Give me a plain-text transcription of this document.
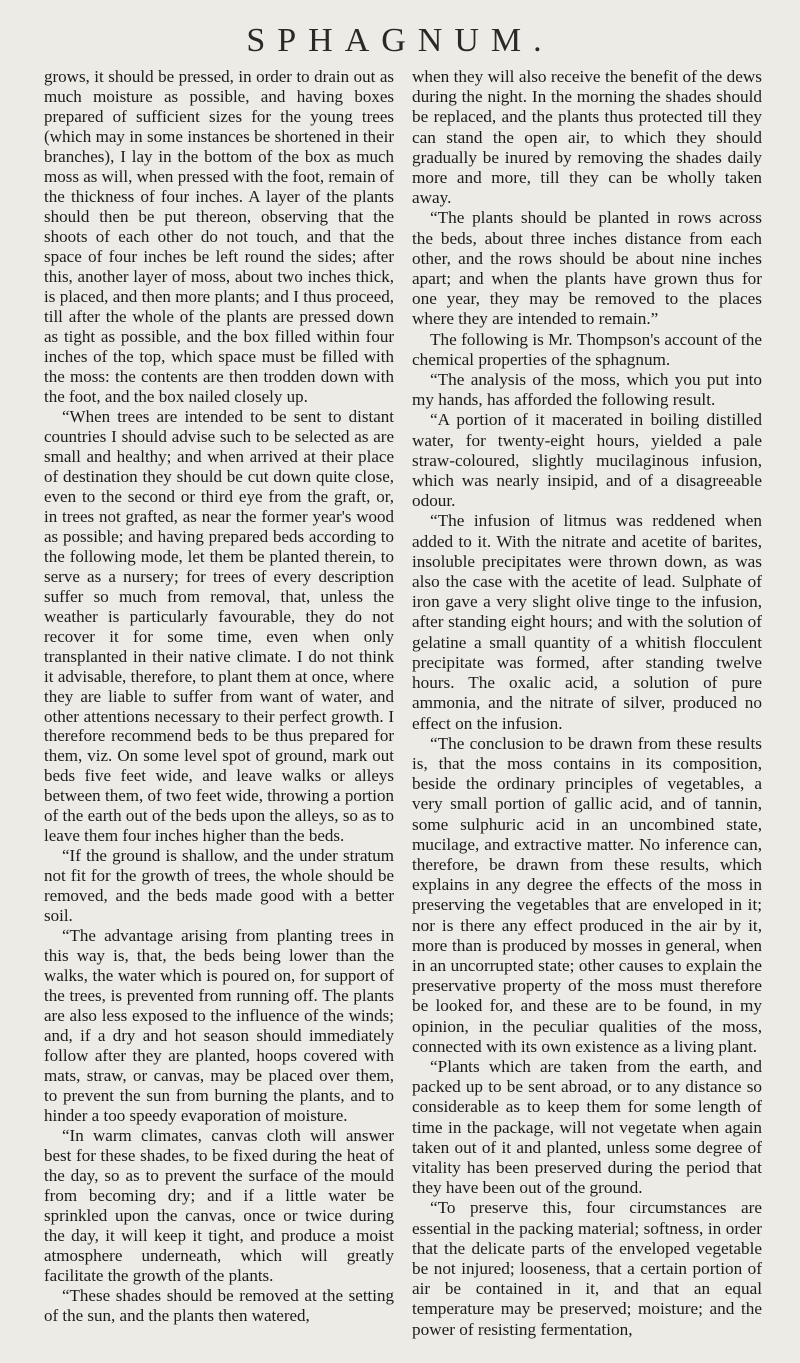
SPHAGNUM.

grows, it should be pressed, in order to drain out as much moisture as possible, and having boxes prepared of sufficient sizes for the young trees (which may in some instances be shortened in their branches), I lay in the bottom of the box as much moss as will, when pressed with the foot, remain of the thickness of four inches. A layer of the plants should then be put thereon, observing that the shoots of each other do not touch, and that the space of four inches be left round the sides; after this, another layer of moss, about two inches thick, is placed, and then more plants; and I thus proceed, till after the whole of the plants are pressed down as tight as possible, and the box filled within four inches of the top, which space must be filled with the moss: the contents are then trodden down with the foot, and the box nailed closely up.

“When trees are intended to be sent to distant countries I should advise such to be selected as are small and healthy; and when arrived at their place of destination they should be cut down quite close, even to the second or third eye from the graft, or, in trees not grafted, as near the former year's wood as possible; and having prepared beds according to the following mode, let them be planted therein, to serve as a nursery; for trees of every description suffer so much from removal, that, unless the weather is particularly favourable, they do not recover it for some time, even when only transplanted in their native climate. I do not think it advisable, therefore, to plant them at once, where they are liable to suffer from want of water, and other attentions necessary to their perfect growth. I therefore recommend beds to be thus prepared for them, viz. On some level spot of ground, mark out beds five feet wide, and leave walks or alleys between them, of two feet wide, throwing a portion of the earth out of the beds upon the alleys, so as to leave them four inches higher than the beds.

“If the ground is shallow, and the under stratum not fit for the growth of trees, the whole should be removed, and the beds made good with a better soil.

“The advantage arising from planting trees in this way is, that, the beds being lower than the walks, the water which is poured on, for support of the trees, is prevented from running off. The plants are also less exposed to the influence of the winds; and, if a dry and hot season should immediately follow after they are planted, hoops covered with mats, straw, or canvas, may be placed over them, to prevent the sun from burning the plants, and to hinder a too speedy evaporation of moisture.

“In warm climates, canvas cloth will answer best for these shades, to be fixed during the heat of the day, so as to prevent the surface of the mould from becoming dry; and if a little water be sprinkled upon the canvas, once or twice during the day, it will keep it tight, and produce a moist atmosphere underneath, which will greatly facilitate the growth of the plants.

“These shades should be removed at the setting of the sun, and the plants then watered,

when they will also receive the benefit of the dews during the night. In the morning the shades should be replaced, and the plants thus protected till they can stand the open air, to which they should gradually be inured by removing the shades daily more and more, till they can be wholly taken away.

“The plants should be planted in rows across the beds, about three inches distance from each other, and the rows should be about nine inches apart; and when the plants have grown thus for one year, they may be removed to the places where they are intended to remain.”

The following is Mr. Thompson's account of the chemical properties of the sphagnum.

“The analysis of the moss, which you put into my hands, has afforded the following result.

“A portion of it macerated in boiling distilled water, for twenty-eight hours, yielded a pale straw-coloured, slightly mucilaginous infusion, which was nearly insipid, and of a disagreeable odour.

“The infusion of litmus was reddened when added to it. With the nitrate and acetite of barites, insoluble precipitates were thrown down, as was also the case with the acetite of lead. Sulphate of iron gave a very slight olive tinge to the infusion, after standing eight hours; and with the solution of gelatine a small quantity of a whitish flocculent precipitate was formed, after standing twelve hours. The oxalic acid, a solution of pure ammonia, and the nitrate of silver, produced no effect on the infusion.

“The conclusion to be drawn from these results is, that the moss contains in its composition, beside the ordinary principles of vegetables, a very small portion of gallic acid, and of tannin, some sulphuric acid in an uncombined state, mucilage, and extractive matter. No inference can, therefore, be drawn from these results, which explains in any degree the effects of the moss in preserving the vegetables that are enveloped in it; nor is there any effect produced in the air by it, more than is produced by mosses in general, when in an uncorrupted state; other causes to explain the preservative property of the moss must therefore be looked for, and these are to be found, in my opinion, in the peculiar qualities of the moss, connected with its own existence as a living plant.

“Plants which are taken from the earth, and packed up to be sent abroad, or to any distance so considerable as to keep them for some length of time in the package, will not vegetate when again taken out of it and planted, unless some degree of vitality has been preserved during the period that they have been out of the ground.

“To preserve this, four circumstances are essential in the packing material; softness, in order that the delicate parts of the enveloped vegetable be not injured; looseness, that a certain portion of air be contained in it, and that an equal temperature may be preserved; moisture; and the power of resisting fermentation,
